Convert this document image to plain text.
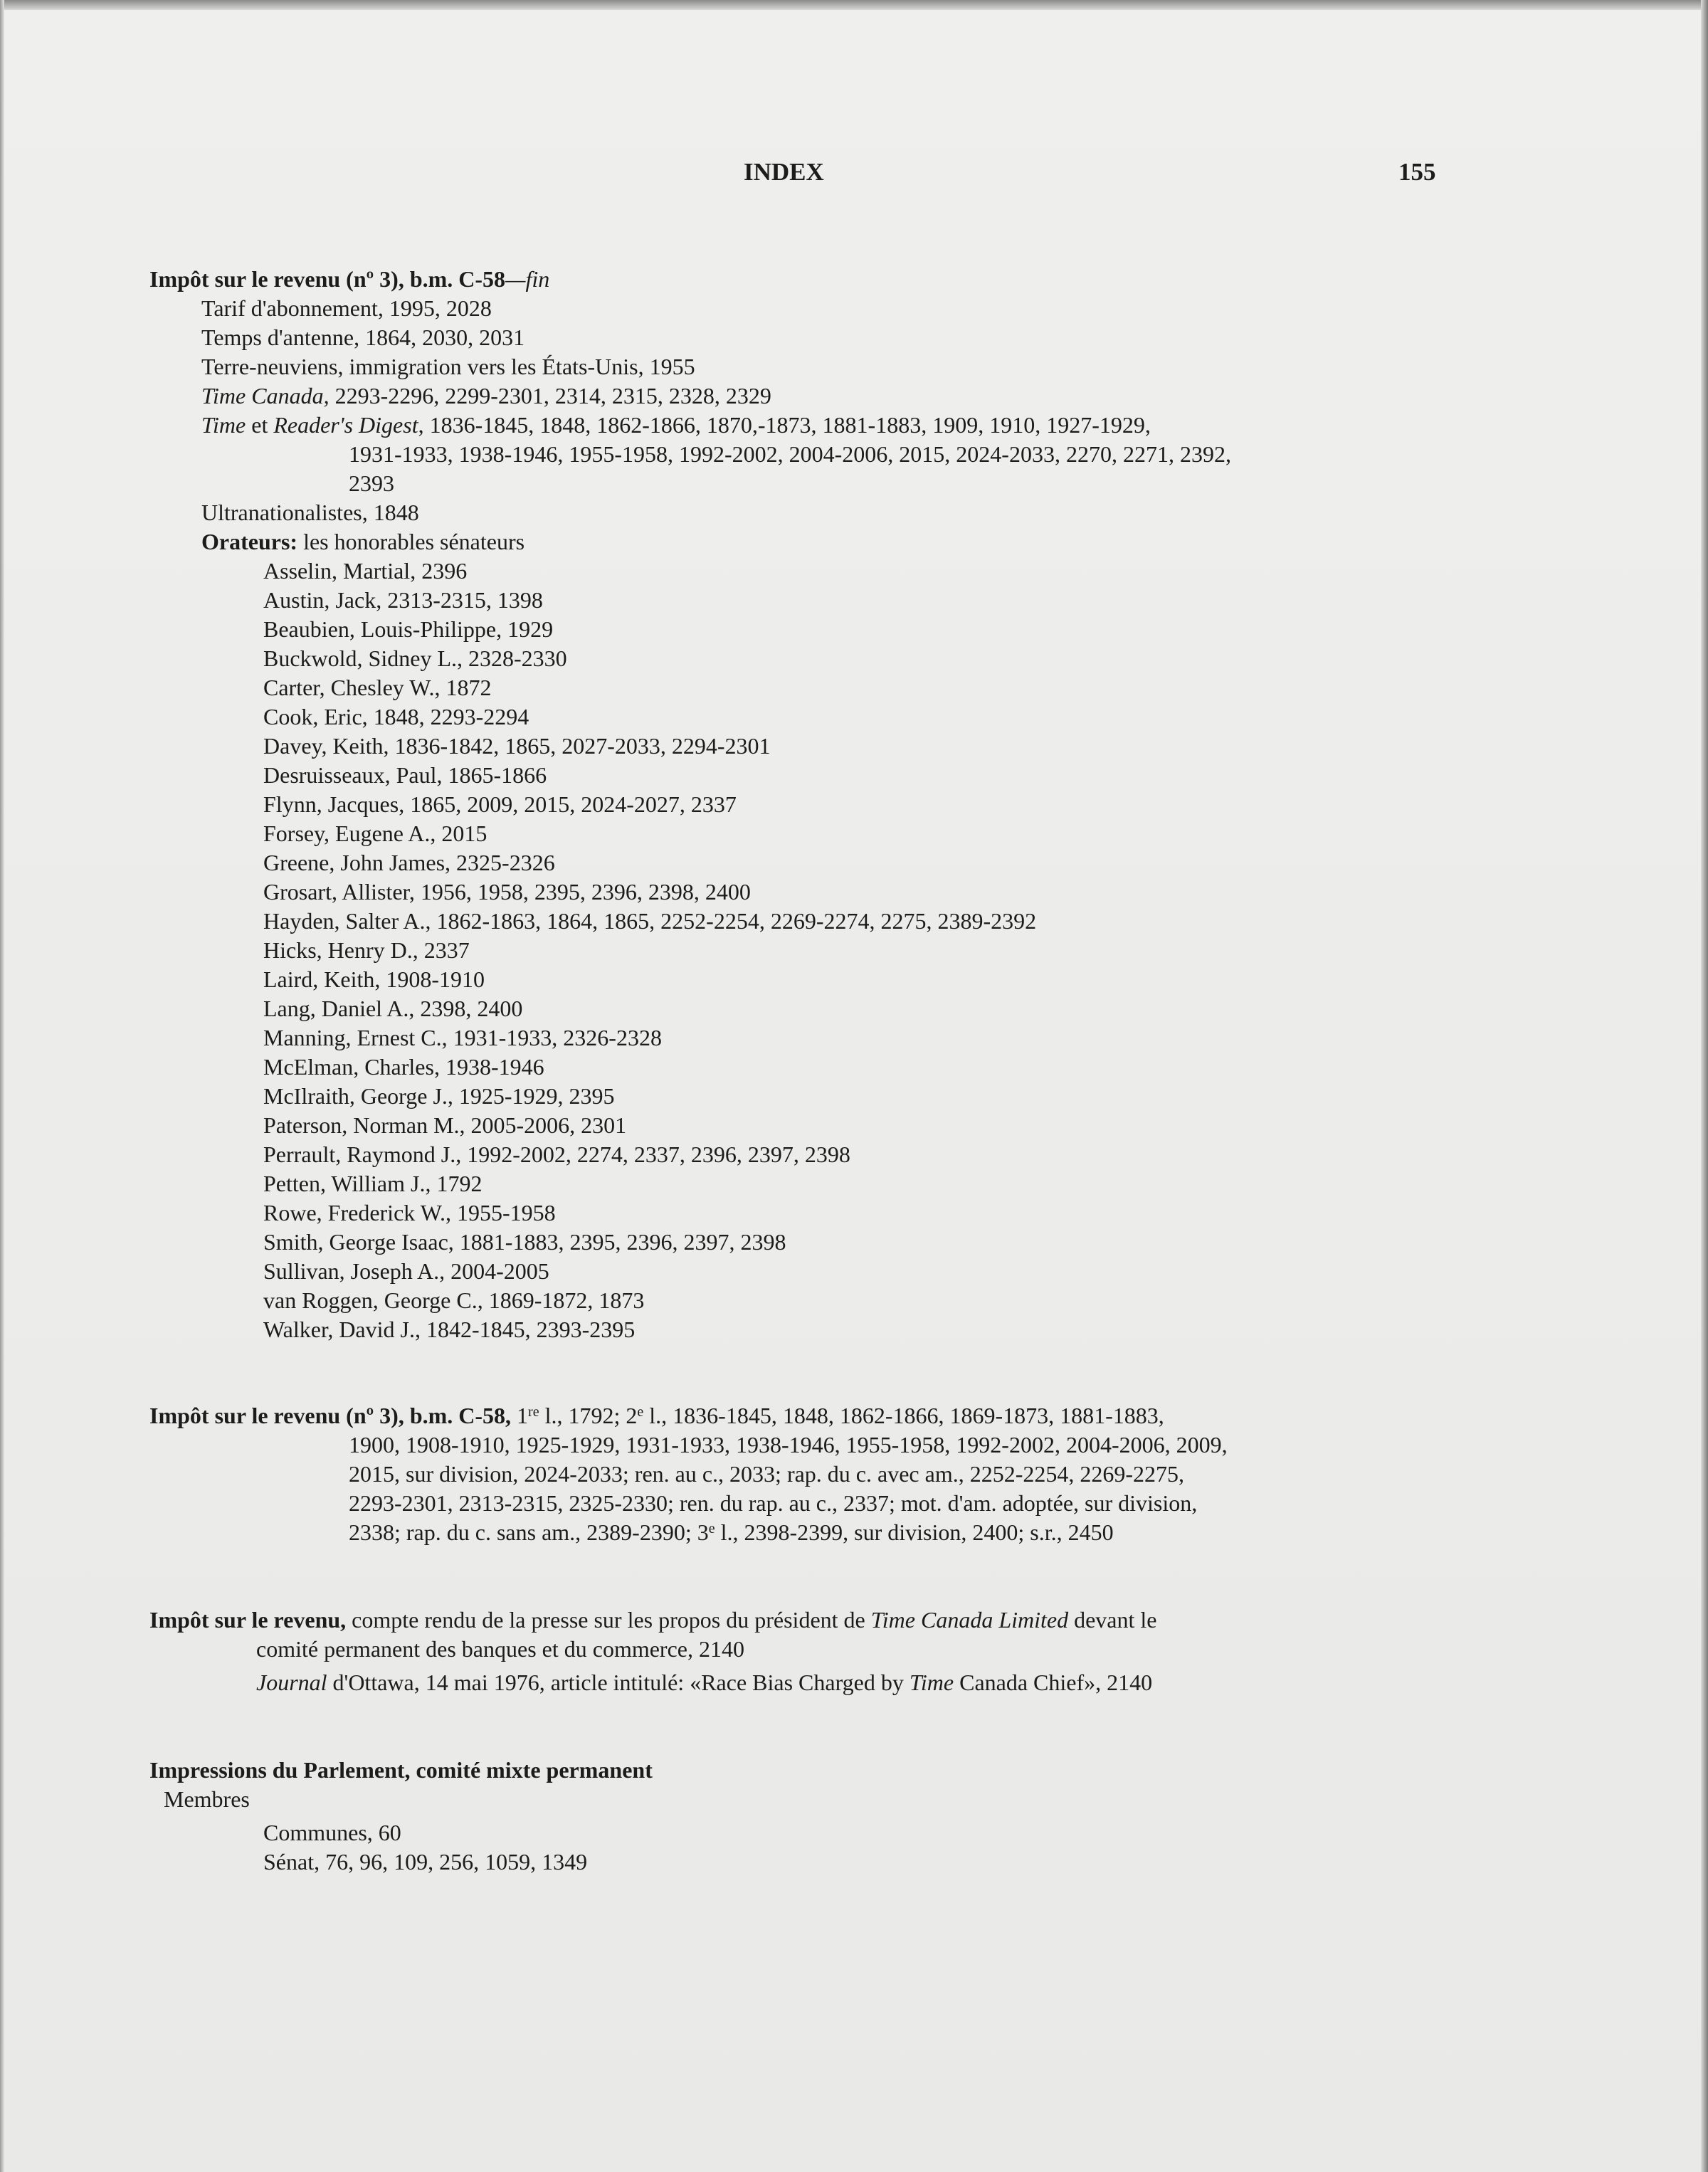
INDEX	155
Impôt sur le revenu (nº 3), b.m. C-58—fin
Tarif d'abonnement, 1995, 2028
Temps d'antenne, 1864, 2030, 2031
Terre-neuviens, immigration vers les États-Unis, 1955
Time Canada, 2293-2296, 2299-2301, 2314, 2315, 2328, 2329
Time et Reader's Digest, 1836-1845, 1848, 1862-1866, 1870,-1873, 1881-1883, 1909, 1910, 1927-1929,
1931-1933, 1938-1946, 1955-1958, 1992-2002, 2004-2006, 2015, 2024-2033, 2270, 2271, 2392,
2393
Ultranationalistes, 1848
Orateurs: les honorables sénateurs
Asselin, Martial, 2396
Austin, Jack, 2313-2315, 1398
Beaubien, Louis-Philippe, 1929
Buckwold, Sidney L., 2328-2330
Carter, Chesley W., 1872
Cook, Eric, 1848, 2293-2294
Davey, Keith, 1836-1842, 1865, 2027-2033, 2294-2301
Desruisseaux, Paul, 1865-1866
Flynn, Jacques, 1865, 2009, 2015, 2024-2027, 2337
Forsey, Eugene A., 2015
Greene, John James, 2325-2326
Grosart, Allister, 1956, 1958, 2395, 2396, 2398, 2400
Hayden, Salter A., 1862-1863, 1864, 1865, 2252-2254, 2269-2274, 2275, 2389-2392
Hicks, Henry D., 2337
Laird, Keith, 1908-1910
Lang, Daniel A., 2398, 2400
Manning, Ernest C., 1931-1933, 2326-2328
McElman, Charles, 1938-1946
McIlraith, George J., 1925-1929, 2395
Paterson, Norman M., 2005-2006, 2301
Perrault, Raymond J., 1992-2002, 2274, 2337, 2396, 2397, 2398
Petten, William J., 1792
Rowe, Frederick W., 1955-1958
Smith, George Isaac, 1881-1883, 2395, 2396, 2397, 2398
Sullivan, Joseph A., 2004-2005
van Roggen, George C., 1869-1872, 1873
Walker, David J., 1842-1845, 2393-2395
Impôt sur le revenu (nº 3), b.m. C-58, 1re l., 1792; 2e l., 1836-1845, 1848, 1862-1866, 1869-1873, 1881-1883,
1900, 1908-1910, 1925-1929, 1931-1933, 1938-1946, 1955-1958, 1992-2002, 2004-2006, 2009,
2015, sur division, 2024-2033; ren. au c., 2033; rap. du c. avec am., 2252-2254, 2269-2275,
2293-2301, 2313-2315, 2325-2330; ren. du rap. au c., 2337; mot. d'am. adoptée, sur division,
2338; rap. du c. sans am., 2389-2390; 3e l., 2398-2399, sur division, 2400; s.r., 2450
Impôt sur le revenu, compte rendu de la presse sur les propos du président de Time Canada Limited devant le
comité permanent des banques et du commerce, 2140
Journal d'Ottawa, 14 mai 1976, article intitulé: «Race Bias Charged by Time Canada Chief», 2140
Impressions du Parlement, comité mixte permanent
Membres
Communes, 60
Sénat, 76, 96, 109, 256, 1059, 1349
